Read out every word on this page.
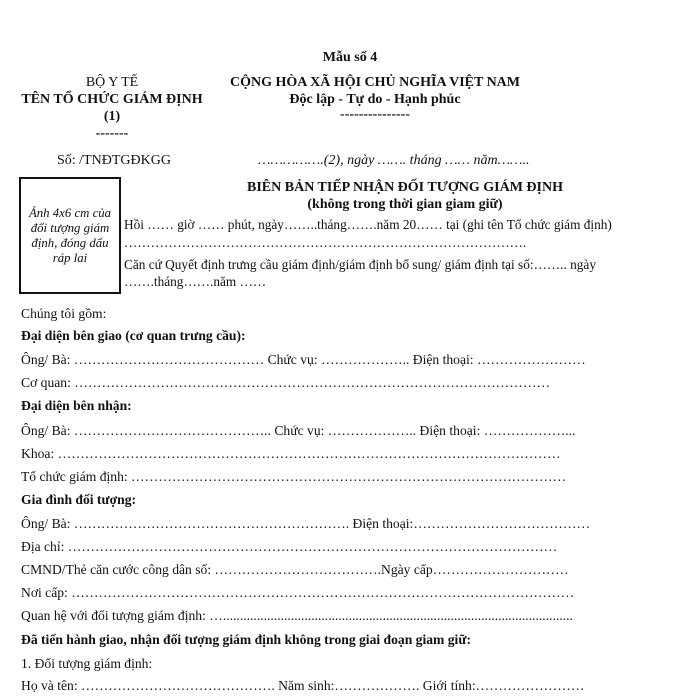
Mẫu số 4
BỘ Y TẾ
TÊN TỔ CHỨC GIÁM ĐỊNH
(1)
-------
CỘNG HÒA XÃ HỘI CHỦ NGHĨA VIỆT NAM
Độc lập - Tự do - Hạnh phúc
---------------
Số: /TNĐTGĐKGG	…………….(2), ngày ……. tháng …… năm……..
BIÊN BẢN TIẾP NHẬN ĐỐI TƯỢNG GIÁM ĐỊNH
(không trong thời gian giam giữ)
Ảnh 4x6 cm của đối tượng giám định, đóng dấu ráp lai
Hồi …… giờ …… phút, ngày……..tháng…….năm 20…… tại (ghi tên Tổ chức giám định)
……………………………………………………………………………….
Căn cứ Quyết định trưng cầu giám định/giám định bổ sung/ giám định tại số:…….. ngày
…….tháng…….năm ……
Chúng tôi gồm:
Đại diện bên giao (cơ quan trưng cầu):
Ông/ Bà: …………………………………… Chức vụ: ……………….. Điện thoại: ……………………
Cơ quan: ……………………………………………………………………………………………
Đại diện bên nhận:
Ông/ Bà: …………………………………….. Chức vụ: ……………….. Điện thoại: ………………...
Khoa: …………………………………………………………………………………………………
Tổ chức giám định: ……………………………………………………………………………………
Gia đình đối tượng:
Ông/ Bà: ……………………………………………………. Điện thoại:…………………………………
Địa chỉ: ………………………………………………………………………………………………
CMND/Thẻ căn cước công dân số: ……………………………….Ngày cấp…………………………
Nơi cấp: …………………………………………………………………………………………………
Quan hệ với đối tượng giám định: ….......................................................................................................
Đã tiến hành giao, nhận đối tượng giám định không trong giai đoạn giam giữ:
1. Đối tượng giám định:
Họ và tên: ……………………………………. Năm sinh:………………. Giới tính:……………………
